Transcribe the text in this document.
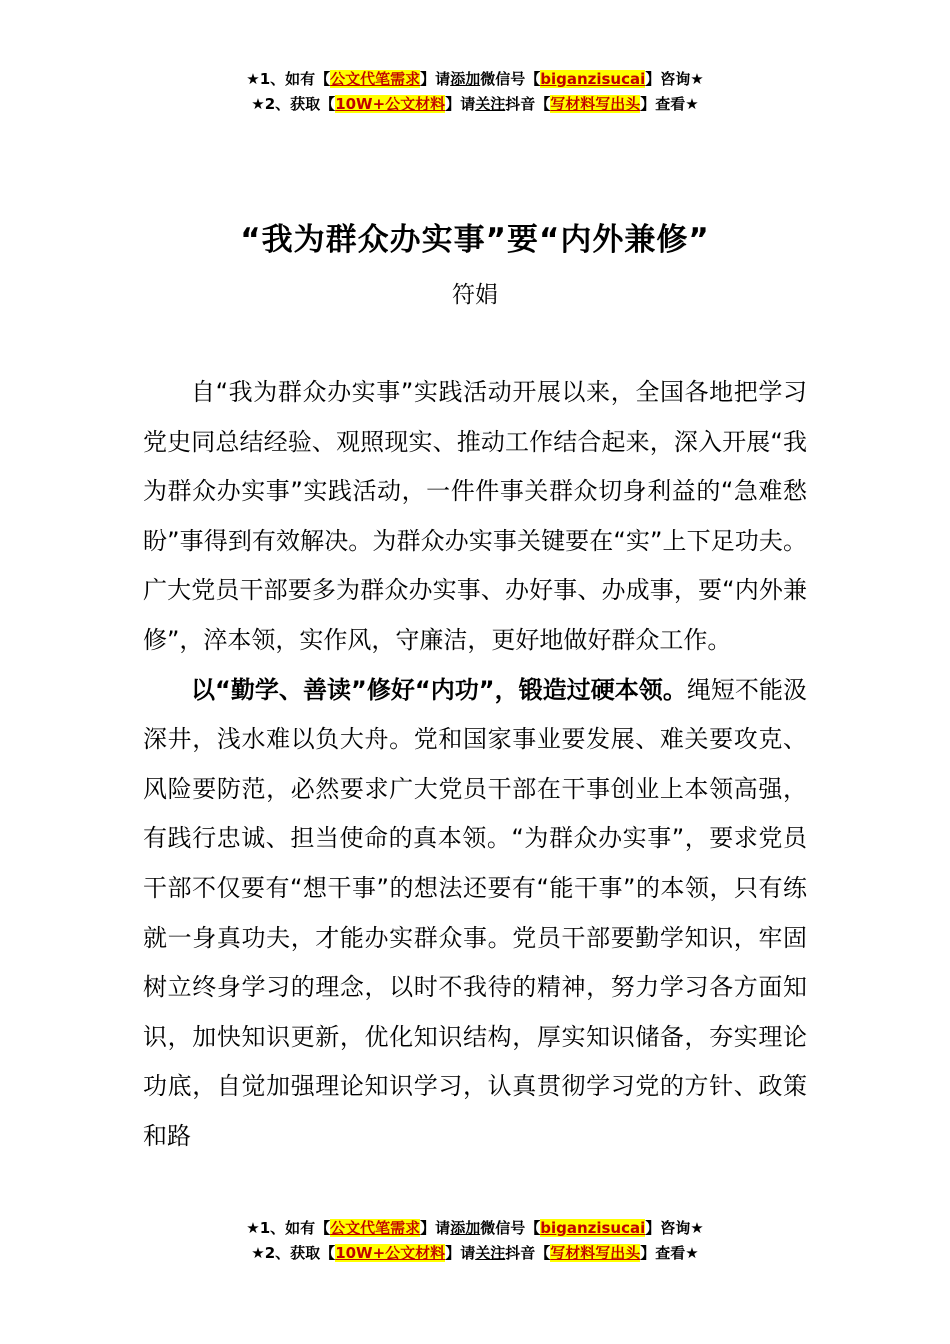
★1、如有【公文代笔需求】请添加微信号【biganzisucai】咨询★
★2、获取【10W+公文材料】请关注抖音【写材料写出头】查看★
“我为群众办实事”要“内外兼修”
符娟

自“我为群众办实事”实践活动开展以来，全国各地把学习党史同总结经验、观照现实、推动工作结合起来，深入开展“我为群众办实事”实践活动，一件件事关群众切身利益的“急难愁盼”事得到有效解决。为群众办实事关键要在“实”上下足功夫。广大党员干部要多为群众办实事、办好事、办成事，要“内外兼修”，淬本领，实作风，守廉洁，更好地做好群众工作。

以“勤学、善读”修好“内功”，锻造过硬本领。绳短不能汲深井，浅水难以负大舟。党和国家事业要发展、难关要攻克、风险要防范，必然要求广大党员干部在干事创业上本领高强，有践行忠诚、担当使命的真本领。“为群众办实事”，要求党员干部不仅要有“想干事”的想法还要有“能干事”的本领，只有练就一身真功夫，才能办实群众事。党员干部要勤学知识，牢固树立终身学习的理念，以时不我待的精神，努力学习各方面知识，加快知识更新，优化知识结构，厚实知识储备，夯实理论功底，自觉加强理论知识学习，认真贯彻学习党的方针、政策和路

★1、如有【公文代笔需求】请添加微信号【biganzisucai】咨询★
★2、获取【10W+公文材料】请关注抖音【写材料写出头】查看★
